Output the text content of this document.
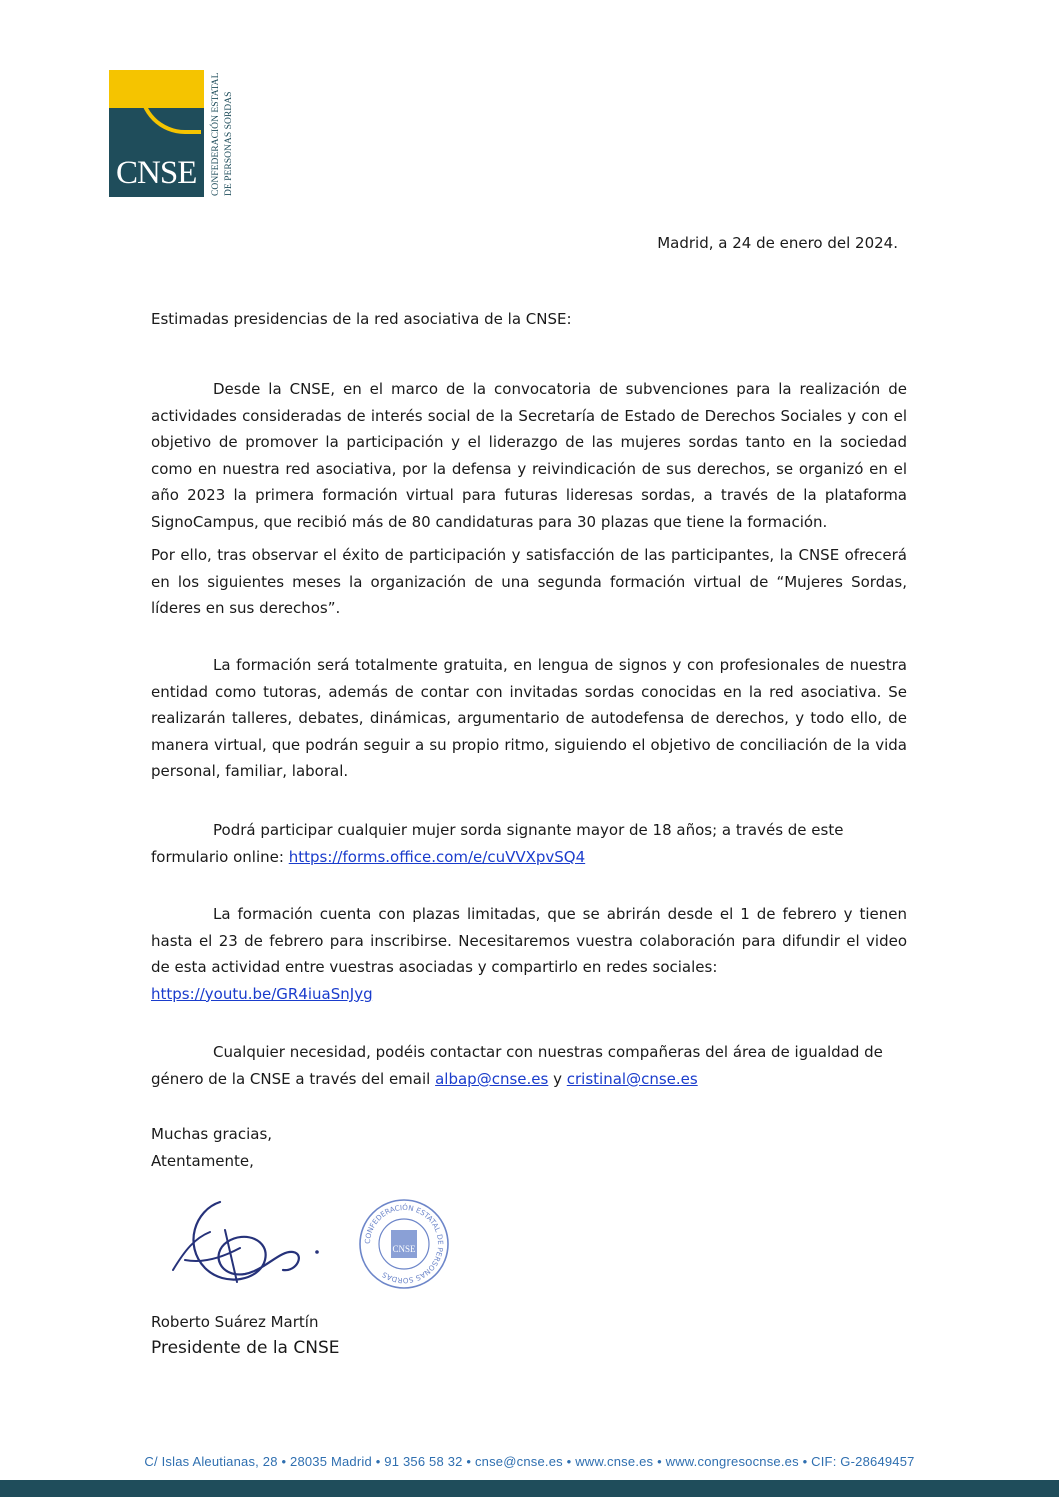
CNSE CONFEDERACIÓN ESTATAL DE PERSONAS SORDAS
Madrid, a 24 de enero del 2024.
Estimadas presidencias de la red asociativa de la CNSE:

Desde la CNSE, en el marco de la convocatoria de subvenciones para la realización de actividades consideradas de interés social de la Secretaría de Estado de Derechos Sociales y con el objetivo de promover la participación y el liderazgo de las mujeres sordas tanto en la sociedad como en nuestra red asociativa, por la defensa y reivindicación de sus derechos, se organizó en el año 2023 la primera formación virtual para futuras lideresas sordas, a través de la plataforma SignoCampus, que recibió más de 80 candidaturas para 30 plazas que tiene la formación.

Por ello, tras observar el éxito de participación y satisfacción de las participantes, la CNSE ofrecerá en los siguientes meses la organización de una segunda formación virtual de “Mujeres Sordas, líderes en sus derechos”.

La formación será totalmente gratuita, en lengua de signos y con profesionales de nuestra entidad como tutoras, además de contar con invitadas sordas conocidas en la red asociativa. Se realizarán talleres, debates, dinámicas, argumentario de autodefensa de derechos, y todo ello, de manera virtual, que podrán seguir a su propio ritmo, siguiendo el objetivo de conciliación de la vida personal, familiar, laboral.

Podrá participar cualquier mujer sorda signante mayor de 18 años; a través de este
formulario online: https://forms.office.com/e/cuVVXpvSQ4

La formación cuenta con plazas limitadas, que se abrirán desde el 1 de febrero y tienen hasta el 23 de febrero para inscribirse. Necesitaremos vuestra colaboración para difundir el video de esta actividad entre vuestras asociadas y compartirlo en redes sociales:
https://youtu.be/GR4iuaSnJyg

Cualquier necesidad, podéis contactar con nuestras compañeras del área de igualdad de
género de la CNSE a través del email albap@cnse.es y cristinal@cnse.es
Muchas gracias,
Atentamente,
CONFEDERACIÓN ESTATAL DE PERSONAS SORDAS
CNSE
Roberto Suárez Martín
Presidente de la CNSE
C/ Islas Aleutianas, 28 • 28035 Madrid • 91 356 58 32 • cnse@cnse.es • www.cnse.es • www.congresocnse.es • CIF: G-28649457
